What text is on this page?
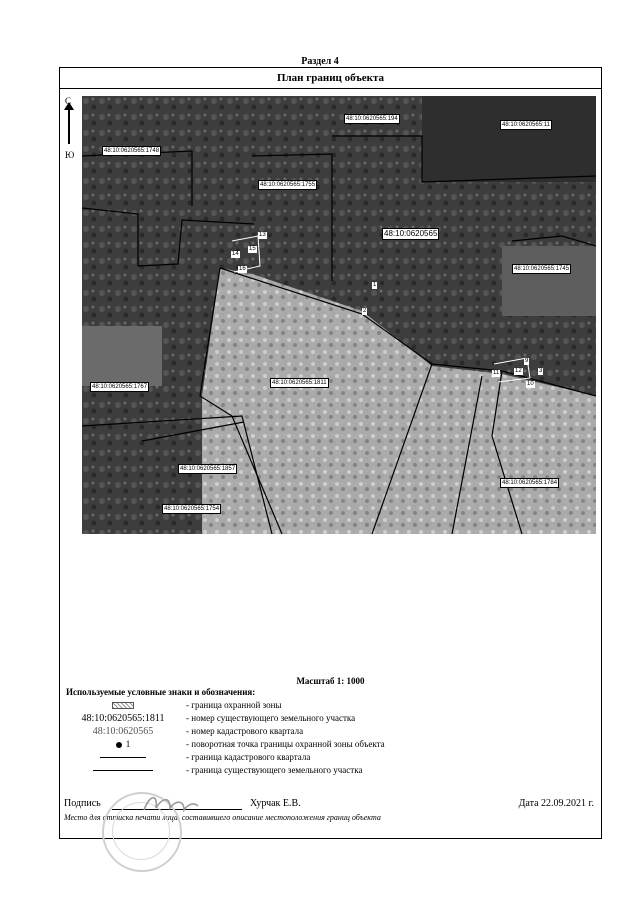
Раздел 4
План границ объекта
С
Ю
48:10:0620565:194
48:10:0620565:11
48:10:0620565:1748
48:10:0620565:1755
48:10:0620565
48:10:0620565:1745
48:10:0620565:1767
48:10:0620565:1811
48:10:0620565:1857
48:10:0620565:1754
48:10:0620565:1784
13
14
15
16
1
2
9
3
10
11	12
Масштаб 1: 1000
Используемые условные знаки и обозначения:
- граница охранной зоны
48:10:0620565:1811	- номер существующего земельного участка
48:10:0620565	- номер кадастрового квартала
1	- поворотная точка границы охранной зоны объекта
- граница кадастрового квартала
- граница существующего земельного участка
Подпись	Хурчак Е.В.	Дата 22.09.2021 г.
Место для оттиска печати лица, составившего описание местоположения границ объекта
